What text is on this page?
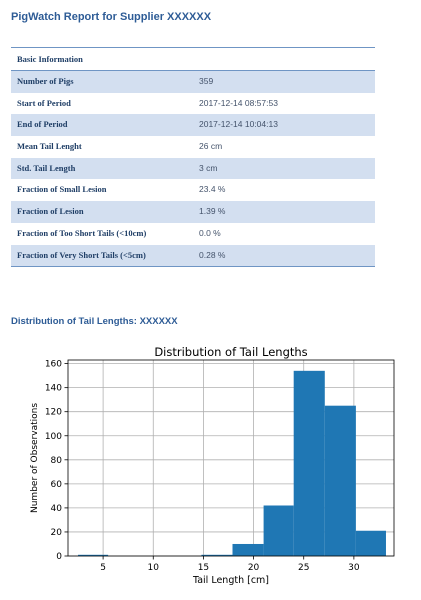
PigWatch Report for Supplier XXXXXX
Basic Information
Number of Pigs	359
Start of Period	2017-12-14 08:57:53
End of Period	2017-12-14 10:04:13
Mean Tail Lenght	26 cm
Std. Tail Length	3 cm
Fraction of Small Lesion	23.4 %
Fraction of Lesion	1.39 %
Fraction of Too Short Tails (<10cm)	0.0 %
Fraction of Very Short Tails (<5cm)	0.28 %
Distribution of Tail Lengths: XXXXXX
Distribution of Tail Lengths
5	10	15	20	25	30
0
20
40
60
80
100
120
140
160
Tail Length [cm]
Number of Observations
